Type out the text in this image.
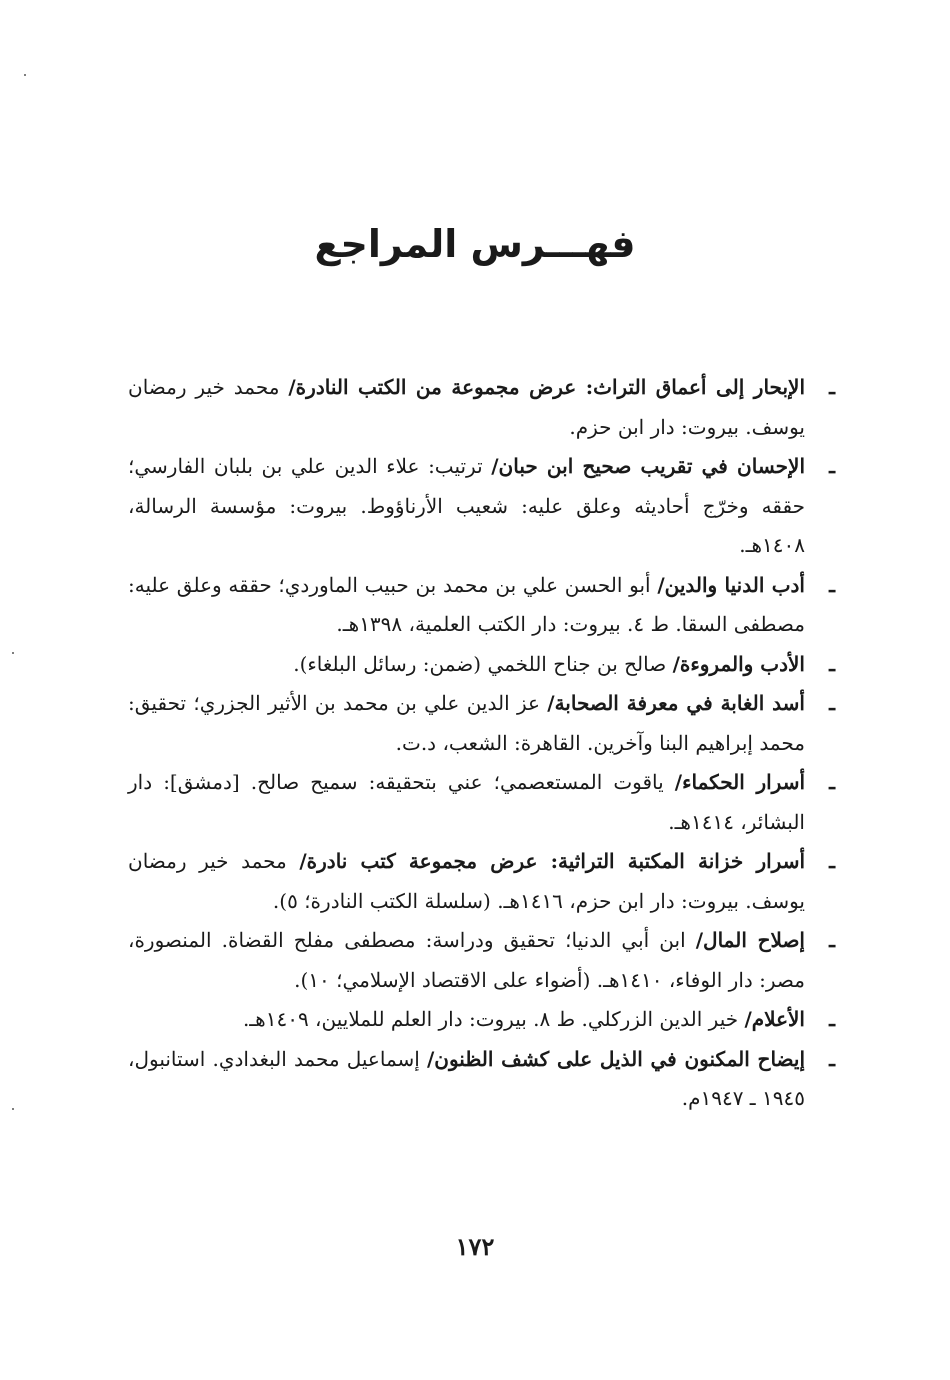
فهـــرس المراجع

ـ
الإبحار إلى أعماق التراث: عرض مجموعة من الكتب النادرة/ محمد خير رمضان يوسف. بيروت: دار ابن حزم.

ـ
الإحسان في تقريب صحيح ابن حبان/ ترتيب: علاء الدين علي بن بلبان الفارسي؛ حققه وخرّج أحاديثه وعلق عليه: شعيب الأرناؤوط. بيروت: مؤسسة الرسالة، ١٤٠٨هـ.

ـ
أدب الدنيا والدين/ أبو الحسن علي بن محمد بن حبيب الماوردي؛ حققه وعلق عليه: مصطفى السقا. ط ٤. بيروت: دار الكتب العلمية، ١٣٩٨هـ.

ـ
الأدب والمروءة/ صالح بن جناح اللخمي (ضمن: رسائل البلغاء).

ـ
أسد الغابة في معرفة الصحابة/ عز الدين علي بن محمد بن الأثير الجزري؛ تحقيق: محمد إبراهيم البنا وآخرين. القاهرة: الشعب، د.ت.

ـ
أسرار الحكماء/ ياقوت المستعصمي؛ عني بتحقيقه: سميح صالح. [دمشق]: دار البشائر، ١٤١٤هـ.

ـ
أسرار خزانة المكتبة التراثية: عرض مجموعة كتب نادرة/ محمد خير رمضان يوسف. بيروت: دار ابن حزم، ١٤١٦هـ. (سلسلة الكتب النادرة؛ ٥).

ـ
إصلاح المال/ ابن أبي الدنيا؛ تحقيق ودراسة: مصطفى مفلح القضاة. المنصورة، مصر: دار الوفاء، ١٤١٠هـ. (أضواء على الاقتصاد الإسلامي؛ ١٠).

ـ
الأعلام/ خير الدين الزركلي. ط ٨. بيروت: دار العلم للملايين، ١٤٠٩هـ.

ـ
إيضاح المكنون في الذيل على كشف الظنون/ إسماعيل محمد البغدادي. استانبول، ١٩٤٥ ـ ١٩٤٧م.

١٧٢
